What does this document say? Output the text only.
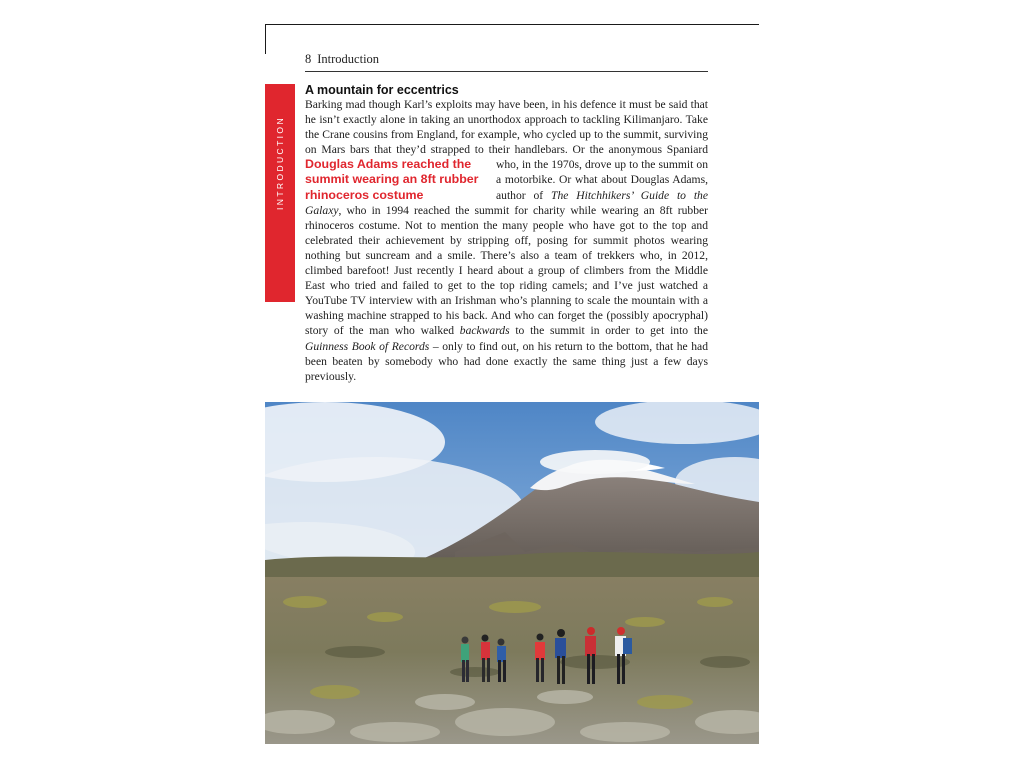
8 Introduction
INTRODUCTION
A mountain for eccentrics

Barking mad though Karl’s exploits may have been, in his defence it must be said that he isn’t exactly alone in taking an unorthodox approach to tackling Kilimanjaro. Take the Crane cousins from England, for example, who cycled up to the summit, surviving on Mars bars that they’d strapped to their handlebars.
Douglas Adams reached the summit wearing an 8ft rubber rhinoceros costume
Or the anonymous Spaniard who, in the 1970s, drove up to the summit on a motorbike. Or what about Douglas Adams, author of The Hitchhikers’ Guide to the Galaxy, who in 1994 reached the summit for charity while wearing an 8ft rubber rhinoceros costume. Not to mention the many people who have got to the top and celebrated their achievement by stripping off, posing for summit photos wearing nothing but suncream and a smile. There’s also a team of trekkers who, in 2012, climbed barefoot! Just recently I heard about a group of climbers from the Middle East who tried and failed to get to the top riding camels; and I’ve just watched a YouTube TV interview with an Irishman who’s planning to scale the mountain with a washing machine strapped to his back. And who can forget the (possibly apocryphal) story of the man who walked backwards to the summit in order to get into the Guinness Book of Records – only to find out, on his return to the bottom, that he had been beaten by somebody who had done exactly the same thing just a few days previously.
